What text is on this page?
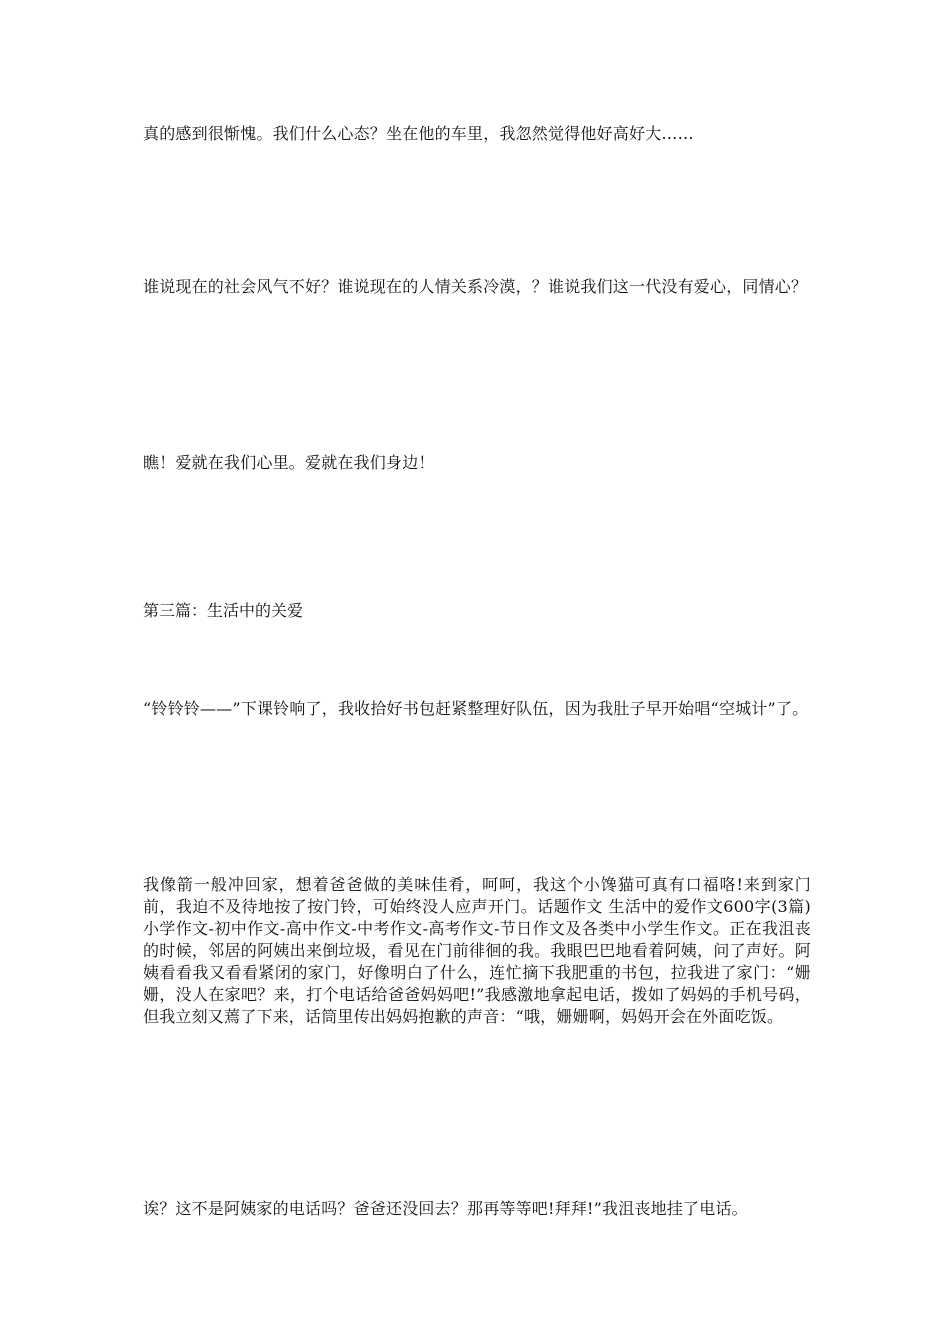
真的感到很惭愧。我们什么心态？坐在他的车里，我忽然觉得他好高好大……

谁说现在的社会风气不好？谁说现在的人情关系冷漠，？谁说我们这一代没有爱心，同情心？

瞧！爱就在我们心里。爱就在我们身边！

第三篇：生活中的关爱

“铃铃铃——”下课铃响了，我收拾好书包赶紧整理好队伍，因为我肚子早开始唱“空城计”了。

我像箭一般冲回家，想着爸爸做的美味佳肴，呵呵，我这个小馋猫可真有口福咯!来到家门前，我迫不及待地按了按门铃，可始终没人应声开门。话题作文 生活中的爱作文600字(3篇)小学作文-初中作文-高中作文-中考作文-高考作文-节日作文及各类中小学生作文。正在我沮丧的时候，邻居的阿姨出来倒垃圾，看见在门前徘徊的我。我眼巴巴地看着阿姨，问了声好。阿姨看看我又看看紧闭的家门，好像明白了什么，连忙摘下我肥重的书包，拉我进了家门：“姗姗，没人在家吧？来，打个电话给爸爸妈妈吧!”我感激地拿起电话，拨如了妈妈的手机号码，但我立刻又蔫了下来，话筒里传出妈妈抱歉的声音：“哦，姗姗啊，妈妈开会在外面吃饭。

诶？这不是阿姨家的电话吗？爸爸还没回去？那再等等吧!拜拜!”我沮丧地挂了电话。
